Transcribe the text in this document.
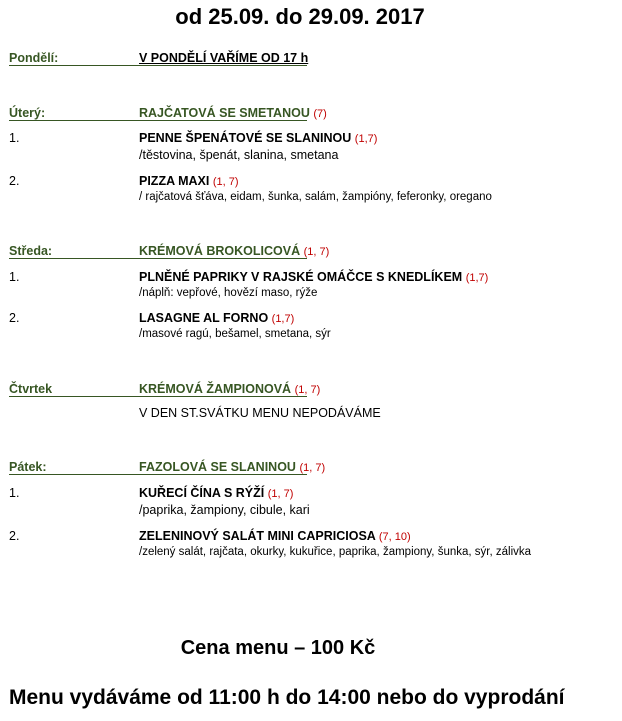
od 25.09. do 29.09. 2017
Pondělí:	V PONDĚLÍ VAŘÍME OD 17 h
Úterý:	RAJČATOVÁ SE SMETANOU (7)
1.	PENNE ŠPENÁTOVÉ SE SLANINOU (1,7)
/těstovina, špenát, slanina, smetana
2.	PIZZA MAXI (1, 7)
/ rajčatová šťáva, eidam, šunka, salám, žampióny, feferonky, oregano
Středa:	KRÉMOVÁ BROKOLICOVÁ (1, 7)
1.	PLNĚNÉ PAPRIKY V RAJSKÉ OMÁČCE S KNEDLÍKEM (1,7)
/náplň: vepřové, hovězí maso, rýže
2.	LASAGNE AL FORNO (1,7)
/masové ragú, bešamel, smetana, sýr
Čtvrtek	KRÉMOVÁ ŽAMPIONOVÁ (1, 7)
V DEN ST.SVÁTKU MENU NEPODÁVÁME
Pátek:	FAZOLOVÁ SE SLANINOU (1, 7)
1.	KUŘECÍ ČÍNA S RÝŽÍ (1, 7)
/paprika, žampiony, cibule, kari
2.	ZELENINOVÝ SALÁT MINI CAPRICIOSA (7, 10)
/zelený salát, rajčata, okurky, kukuřice, paprika, žampiony, šunka, sýr, zálivka
Cena menu – 100 Kč
Menu vydáváme od 11:00 h do 14:00 nebo do vyprodání
